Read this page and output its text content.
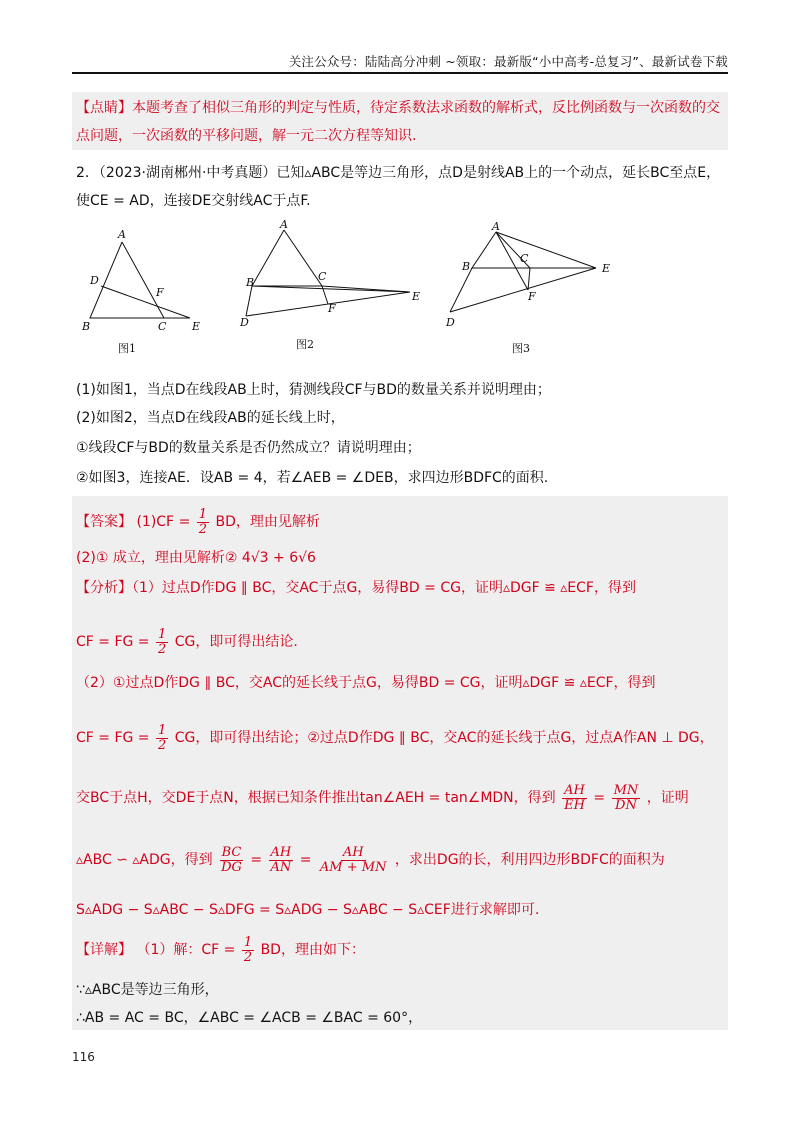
关注公众号：陆陆高分冲刺 ~领取：最新版“小中高考-总复习”、最新试卷下载
【点睛】本题考查了相似三角形的判定与性质，待定系数法求函数的解析式，反比例函数与一次函数的交
点问题，一次函数的平移问题，解一元二次方程等知识.
2．（2023·湖南郴州·中考真题）已知▵ABC是等边三角形，点D是射线AB上的一个动点，延长BC至点E，
使CE = AD，连接DE交射线AC于点F.
A
D
F
B	C E
A
B	C
E
F
D
A
B
C
E
F
D
图1	图2	图3
(1)如图1，当点D在线段AB上时，猜测线段CF与BD的数量关系并说明理由；
(2)如图2，当点D在线段AB的延长线上时，
①线段CF与BD的数量关系是否仍然成立？请说明理由；
②如图3，连接AE．设AB = 4，若∠AEB = ∠DEB，求四边形BDFC的面积.
【答案】 $(1)CF = \frac{1}{2}$ BD，理由见解析
(2)① 成立，理由见解析② 4√3 + 6√6
【分析】（1）过点D作DG ∥ BC，交AC于点G，易得BD = CG，证明▵DGF ≌ ▵ECF，得到
CF = FG = $\frac{1}{2}$ CG，即可得出结论.
（2）①过点D作DG ∥ BC，交AC的延长线于点G，易得BD = CG，证明▵DGF ≌ ▵ECF，得到
CF = FG = $\frac{1}{2}$ CG，即可得出结论；②过点D作DG ∥ BC，交AC的延长线于点G，过点A作AN ⊥ DG，
交BC于点H，交DE于点N，根据已知条件推出tan∠AEH = tan∠MDN，得到 $\frac{AH}{EH} = \frac{MN}{DN}$ ，证明
▵ABC ∽ ▵ADG，得到 $\frac{BC}{DG} = \frac{AH}{AN} = \frac{AH}{AM + MN}$ ，求出DG的长，利用四边形BDFC的面积为
S▵ADG − S▵ABC − S▵DFG = S▵ADG − S▵ABC − S▵CEF进行求解即可.
【详解】 （1）解：CF = $\frac{1}{2}$ BD，理由如下：
∵▵ABC是等边三角形，
∴AB = AC = BC，∠ABC = ∠ACB = ∠BAC = 60°，
116
